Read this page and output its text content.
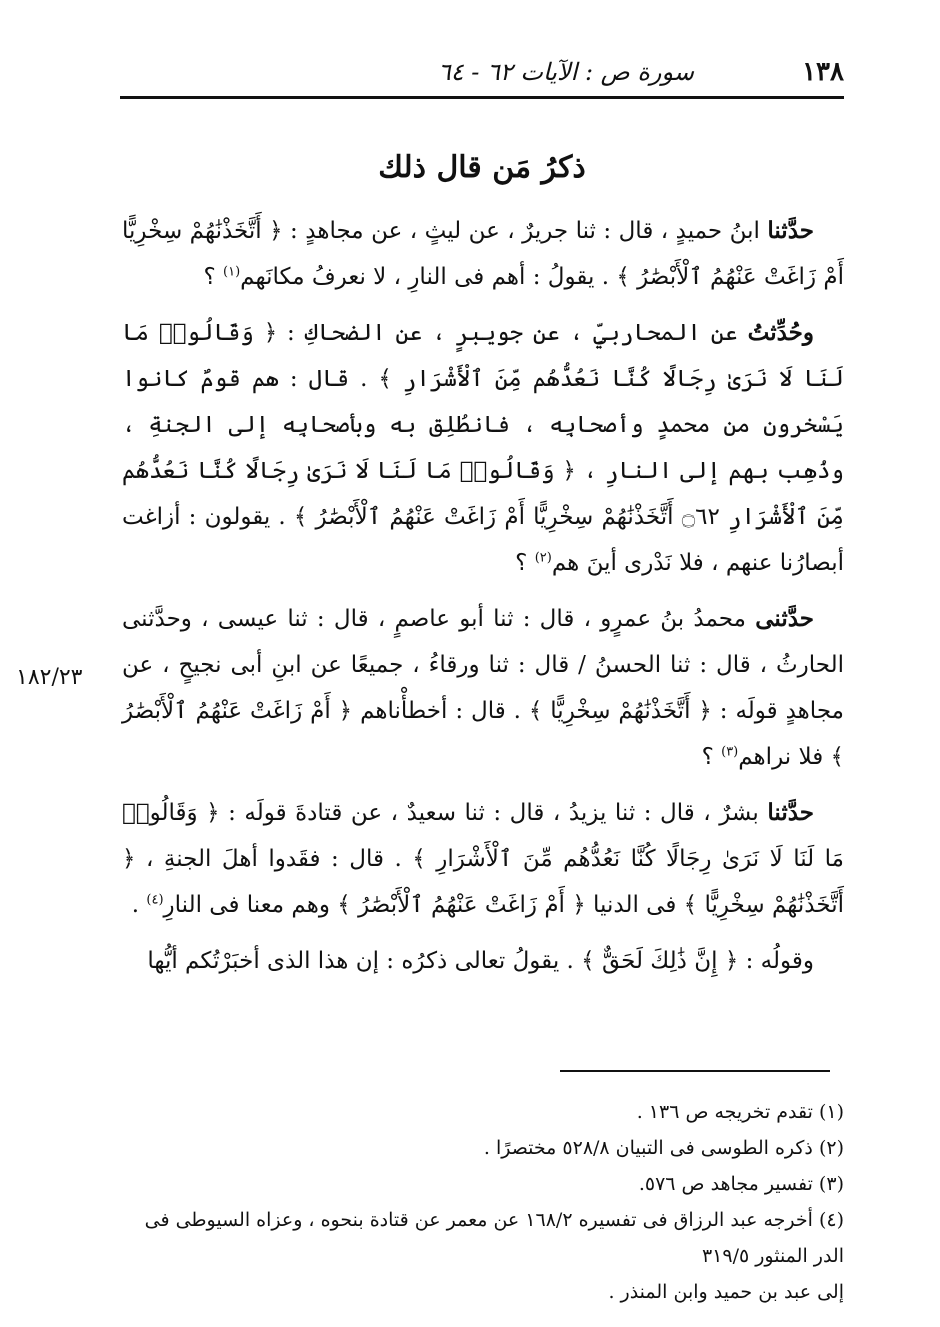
١٣٨
سورة ص : الآيات ٦٢ - ٦٤
ذكرُ مَن قال ذلك

حدَّثنا ابنُ حميدٍ ، قال : ثنا جريرٌ ، عن ليثٍ ، عن مجاهدٍ : ﴿ أَتَّخَذْنَٰهُمْ سِخْرِيًّا أَمْ زَاغَتْ عَنْهُمُ ٱلْأَبْصَٰرُ ﴾ . يقولُ : أهم فى النارِ ، لا نعرفُ مكانَهم$^{(١)}$ ؟

وحُدِّثتُ عن المحاربيِّ ، عن جويبرٍ ، عن الضحاكِ : ﴿ وَقَالُوا۟ مَا لَنَا لَا نَرَىٰ رِجَالًا كُنَّا نَعُدُّهُم مِّنَ ٱلْأَشْرَارِ ﴾ . قال : هم قومٌ كانوا يَسْخرون من محمدٍ وأصحابِه ، فانطُلِق به وبأصحابِه إلى الجنةِ ، وذُهِب بهم إلى النارِ ، ﴿ وَقَالُوا۟ مَا لَنَا لَا نَرَىٰ رِجَالًا كُنَّا نَعُدُّهُم مِّنَ ٱلْأَشْرَارِ ۝٦٢ أَتَّخَذْنَٰهُمْ سِخْرِيًّا أَمْ زَاغَتْ عَنْهُمُ ٱلْأَبْصَٰرُ ﴾ . يقولون : أزاغت أبصارُنا عنهم ، فلا نَدْرى أينَ هم$^{(٢)}$ ؟

حدَّثنى محمدُ بنُ عمرٍو ، قال : ثنا أبو عاصمٍ ، قال : ثنا عيسى ، وحدَّثنى الحارثُ ، قال : ثنا الحسنُ / قال : ثنا ورقاءُ ، جميعًا عن ابنِ أبى نجيحٍ ، عن مجاهدٍ قولَه : ﴿ أَتَّخَذْنَٰهُمْ سِخْرِيًّا ﴾ . قال : أخطأْناهم ﴿ أَمْ زَاغَتْ عَنْهُمُ ٱلْأَبْصَٰرُ ﴾ فلا نراهم$^{(٣)}$ ؟

حدَّثنا بشرٌ ، قال : ثنا يزيدُ ، قال : ثنا سعيدٌ ، عن قتادةَ قولَه : ﴿ وَقَالُوا۟ مَا لَنَا لَا نَرَىٰ رِجَالًا كُنَّا نَعُدُّهُم مِّنَ ٱلْأَشْرَارِ ﴾ . قال : فقَدوا أهلَ الجنةِ ، ﴿ أَتَّخَذْنَٰهُمْ سِخْرِيًّا ﴾ فى الدنيا ﴿ أَمْ زَاغَتْ عَنْهُمُ ٱلْأَبْصَٰرُ ﴾ وهم معنا فى النارِ$^{(٤)}$ .

وقولُه : ﴿ إِنَّ ذَٰلِكَ لَحَقٌّ ﴾ . يقولُ تعالى ذكرُه : إن هذا الذى أخبَرْتُكم أيُّها

١٨٢/٢٣

(١) تقدم تخريجه ص ١٣٦ .

(٢) ذكره الطوسى فى التبيان ٥٢٨/٨ مختصرًا .

(٣) تفسير مجاهد ص ٥٧٦.

(٤) أخرجه عبد الرزاق فى تفسيره ١٦٨/٢ عن معمر عن قتادة بنحوه ، وعزاه السيوطى فى الدر المنثور ٣١٩/٥

إلى عبد بن حميد وابن المنذر .
